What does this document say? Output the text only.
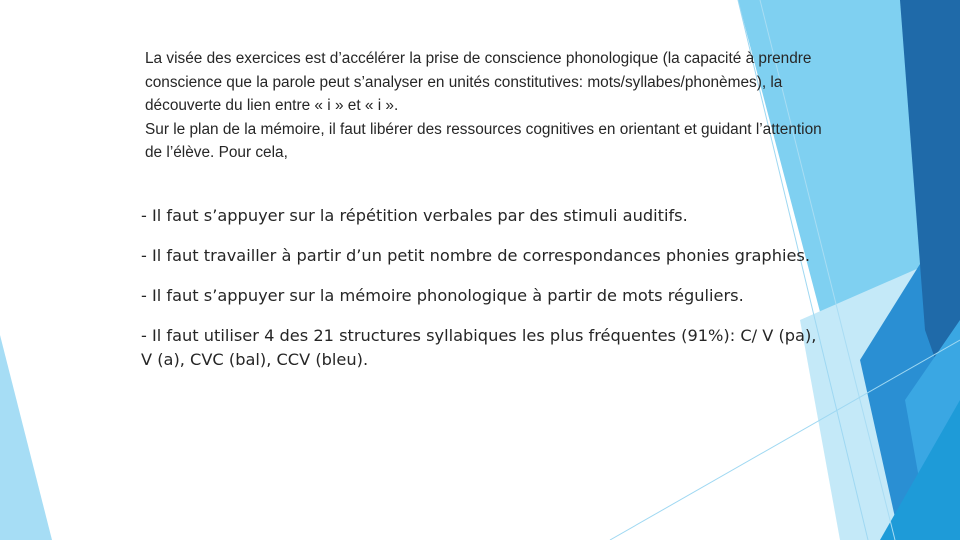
La visée des exercices est d’accélérer la prise de conscience phonologique (la capacité à prendre conscience que la parole peut s’analyser en unités constitutives: mots/syllabes/phonèmes), la découverte du lien entre « i » et « i ».

Sur le plan de la mémoire, il faut libérer des ressources cognitives en orientant et guidant l’attention de l’élève. Pour cela,

- Il faut s’appuyer sur la répétition verbales par des stimuli auditifs.

- Il faut travailler à partir d’un petit nombre de correspondances phonies graphies.

- Il faut s’appuyer sur la mémoire phonologique à partir de mots réguliers.

- Il faut utiliser 4 des 21 structures syllabiques les plus fréquentes (91%): C/ V (pa), V (a), CVC (bal), CCV (bleu).
